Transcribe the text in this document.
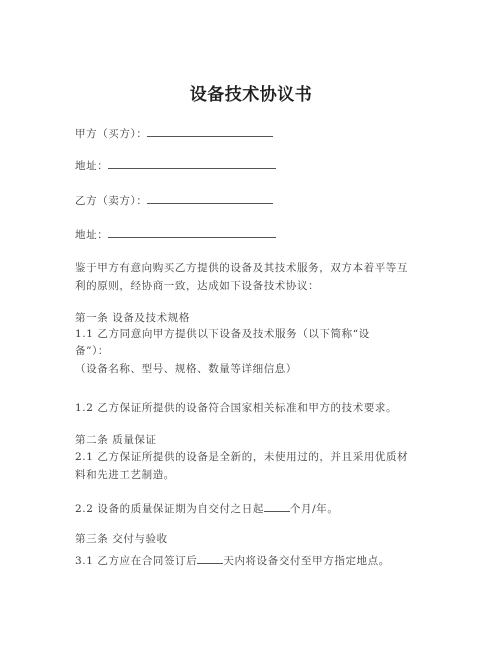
设备技术协议书
甲方（买方）：
地址：
乙方（卖方）：
地址：
鉴于甲方有意向购买乙方提供的设备及其技术服务，双方本着平等互
利的原则，经协商一致，达成如下设备技术协议：
第一条 设备及技术规格
1.1 乙方同意向甲方提供以下设备及技术服务（以下简称“设
备”）：
（设备名称、型号、规格、数量等详细信息）
1.2 乙方保证所提供的设备符合国家相关标准和甲方的技术要求。
第二条 质量保证
2.1 乙方保证所提供的设备是全新的，未使用过的，并且采用优质材
料和先进工艺制造。
2.2 设备的质量保证期为自交付之日起 个月/年。
第三条 交付与验收
3.1 乙方应在合同签订后 天内将设备交付至甲方指定地点。
